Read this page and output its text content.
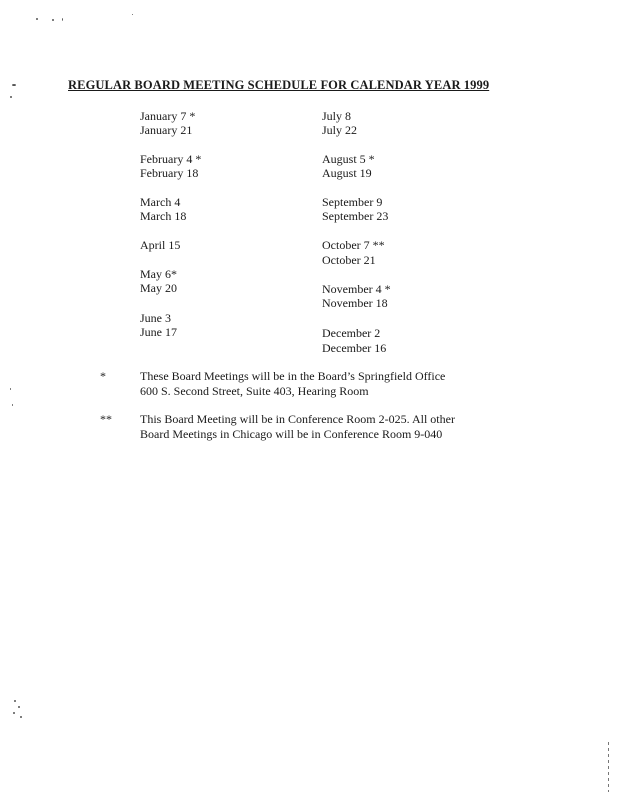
REGULAR BOARD MEETING SCHEDULE FOR CALENDAR YEAR 1999
January 7 *
January 21
February 4 *
February 18
March 4
March 18
April 15
May 6*
May 20
June 3
June 17
July 8
July 22
August 5 *
August 19
September 9
September 23
October 7 **
October 21
November 4 *
November 18
December 2
December 16
*	These Board Meetings will be in the Board’s Springfield Office
600 S. Second Street, Suite 403, Hearing Room
**	This Board Meeting will be in Conference Room 2-025. All other
Board Meetings in Chicago will be in Conference Room 9-040
